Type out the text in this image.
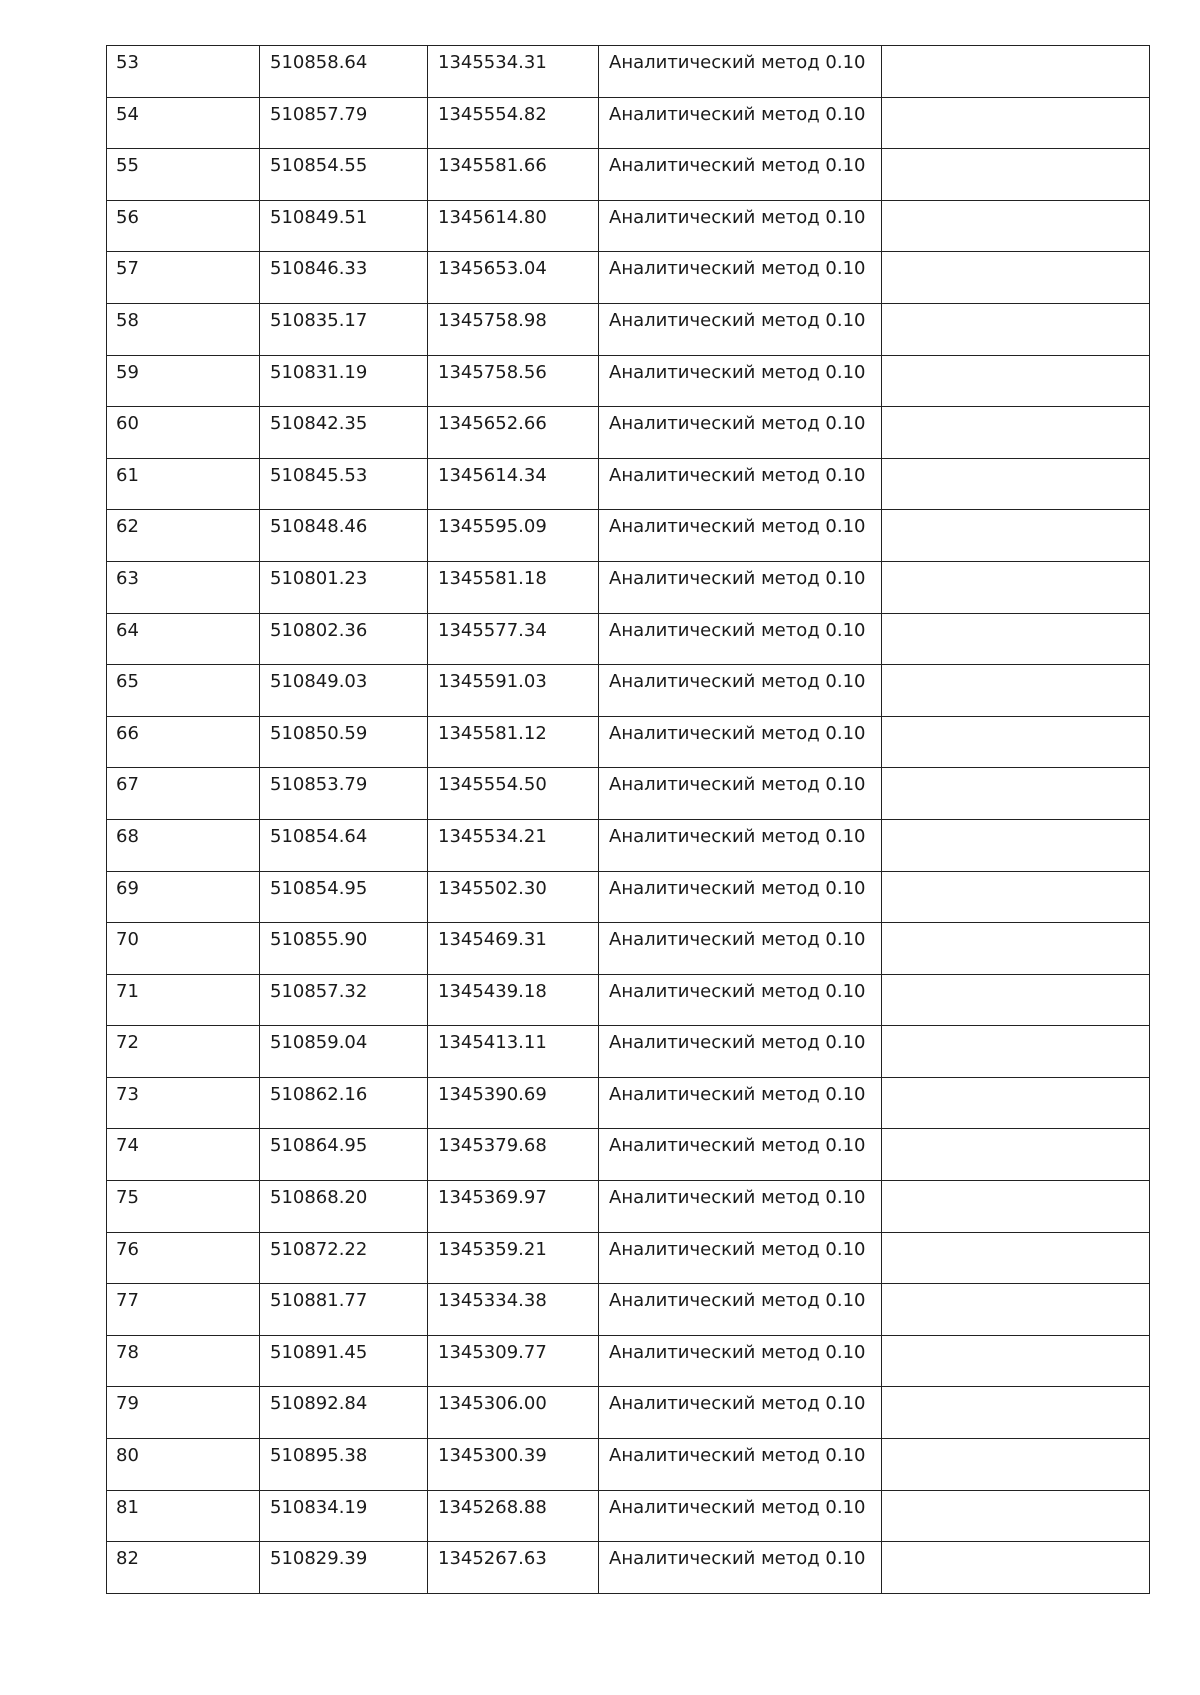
53	510858.64	1345534.31	Аналитический метод 0.10	
54	510857.79	1345554.82	Аналитический метод 0.10	
55	510854.55	1345581.66	Аналитический метод 0.10	
56	510849.51	1345614.80	Аналитический метод 0.10	
57	510846.33	1345653.04	Аналитический метод 0.10	
58	510835.17	1345758.98	Аналитический метод 0.10	
59	510831.19	1345758.56	Аналитический метод 0.10	
60	510842.35	1345652.66	Аналитический метод 0.10	
61	510845.53	1345614.34	Аналитический метод 0.10	
62	510848.46	1345595.09	Аналитический метод 0.10	
63	510801.23	1345581.18	Аналитический метод 0.10	
64	510802.36	1345577.34	Аналитический метод 0.10	
65	510849.03	1345591.03	Аналитический метод 0.10	
66	510850.59	1345581.12	Аналитический метод 0.10	
67	510853.79	1345554.50	Аналитический метод 0.10	
68	510854.64	1345534.21	Аналитический метод 0.10	
69	510854.95	1345502.30	Аналитический метод 0.10	
70	510855.90	1345469.31	Аналитический метод 0.10	
71	510857.32	1345439.18	Аналитический метод 0.10	
72	510859.04	1345413.11	Аналитический метод 0.10	
73	510862.16	1345390.69	Аналитический метод 0.10	
74	510864.95	1345379.68	Аналитический метод 0.10	
75	510868.20	1345369.97	Аналитический метод 0.10	
76	510872.22	1345359.21	Аналитический метод 0.10	
77	510881.77	1345334.38	Аналитический метод 0.10	
78	510891.45	1345309.77	Аналитический метод 0.10	
79	510892.84	1345306.00	Аналитический метод 0.10	
80	510895.38	1345300.39	Аналитический метод 0.10	
81	510834.19	1345268.88	Аналитический метод 0.10	
82	510829.39	1345267.63	Аналитический метод 0.10	
